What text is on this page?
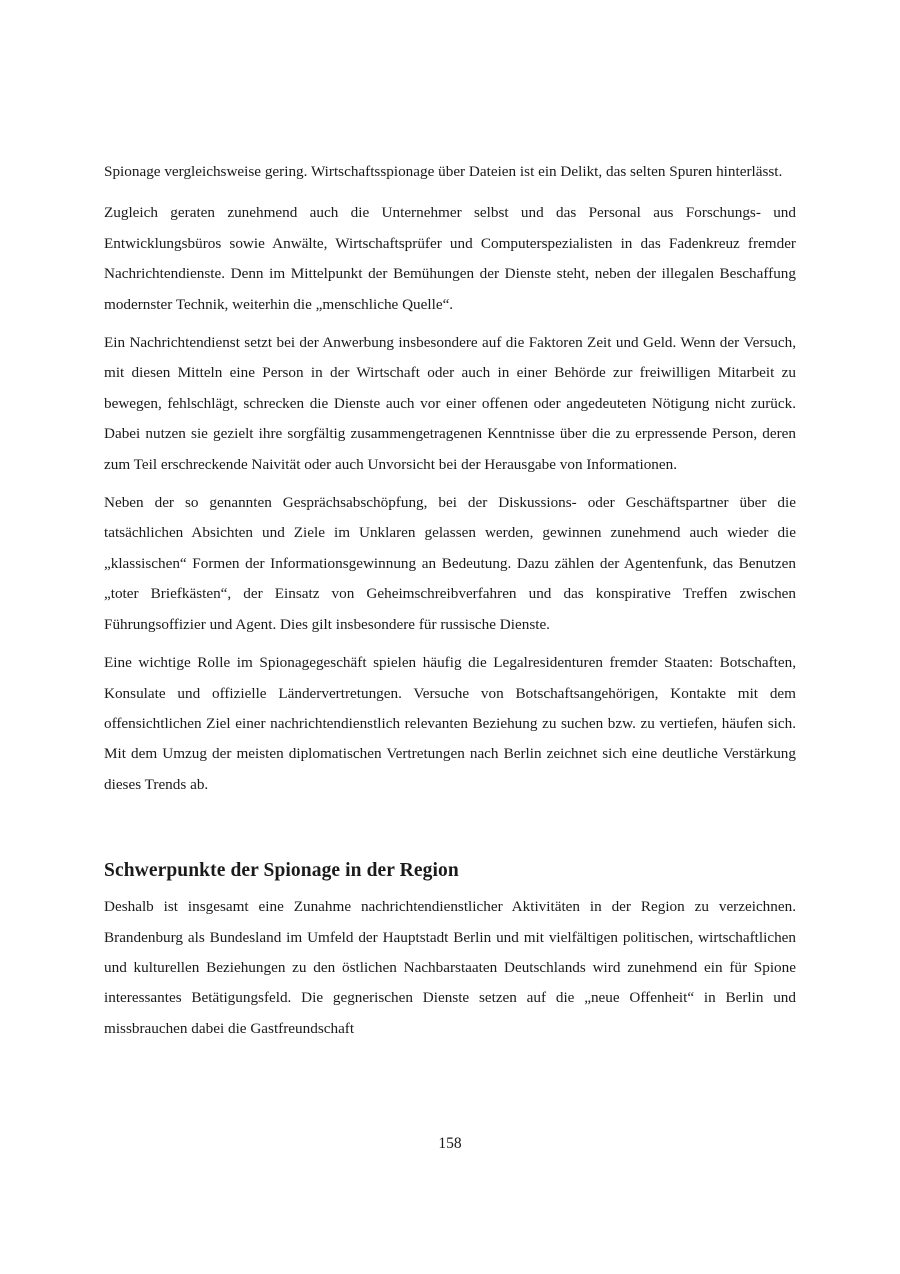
Spionage vergleichsweise gering. Wirtschaftsspionage über Dateien ist ein Delikt, das selten Spuren hinterlässt.

Zugleich geraten zunehmend auch die Unternehmer selbst und das Personal aus Forschungs- und Entwicklungsbüros sowie Anwälte, Wirtschaftsprüfer und Computerspezialisten in das Fadenkreuz fremder Nachrichtendienste. Denn im Mittelpunkt der Bemühungen der Dienste steht, neben der illegalen Beschaffung modernster Technik, weiterhin die „menschliche Quelle“.

Ein Nachrichtendienst setzt bei der Anwerbung insbesondere auf die Faktoren Zeit und Geld. Wenn der Versuch, mit diesen Mitteln eine Person in der Wirtschaft oder auch in einer Behörde zur freiwilligen Mitarbeit zu bewegen, fehlschlägt, schrecken die Dienste auch vor einer offenen oder angedeuteten Nötigung nicht zurück. Dabei nutzen sie gezielt ihre sorgfältig zusammengetragenen Kenntnisse über die zu erpressende Person, deren zum Teil erschreckende Naivität oder auch Unvorsicht bei der Herausgabe von Informationen.

Neben der so genannten Gesprächsabschöpfung, bei der Diskussions- oder Geschäftspartner über die tatsächlichen Absichten und Ziele im Unklaren gelassen werden, gewinnen zunehmend auch wieder die „klassischen“ Formen der Informationsgewinnung an Bedeutung. Dazu zählen der Agentenfunk, das Benutzen „toter Briefkästen“, der Einsatz von Geheimschreibverfahren und das konspirative Treffen zwischen Führungsoffizier und Agent. Dies gilt insbesondere für russische Dienste.

Eine wichtige Rolle im Spionagegeschäft spielen häufig die Legalresidenturen fremder Staaten: Botschaften, Konsulate und offizielle Ländervertretungen. Versuche von Botschaftsangehörigen, Kontakte mit dem offensichtlichen Ziel einer nachrichtendienstlich relevanten Beziehung zu suchen bzw. zu vertiefen, häufen sich. Mit dem Umzug der meisten diplomatischen Vertretungen nach Berlin zeichnet sich eine deutliche Verstärkung dieses Trends ab.

Schwerpunkte der Spionage in der Region

Deshalb ist insgesamt eine Zunahme nachrichtendienstlicher Aktivitäten in der Region zu verzeichnen. Brandenburg als Bundesland im Umfeld der Hauptstadt Berlin und mit vielfältigen politischen, wirtschaftlichen und kulturellen Beziehungen zu den östlichen Nachbarstaaten Deutschlands wird zunehmend ein für Spione interessantes Betätigungsfeld. Die gegnerischen Dienste setzen auf die „neue Offenheit“ in Berlin und missbrauchen dabei die Gastfreundschaft

158
